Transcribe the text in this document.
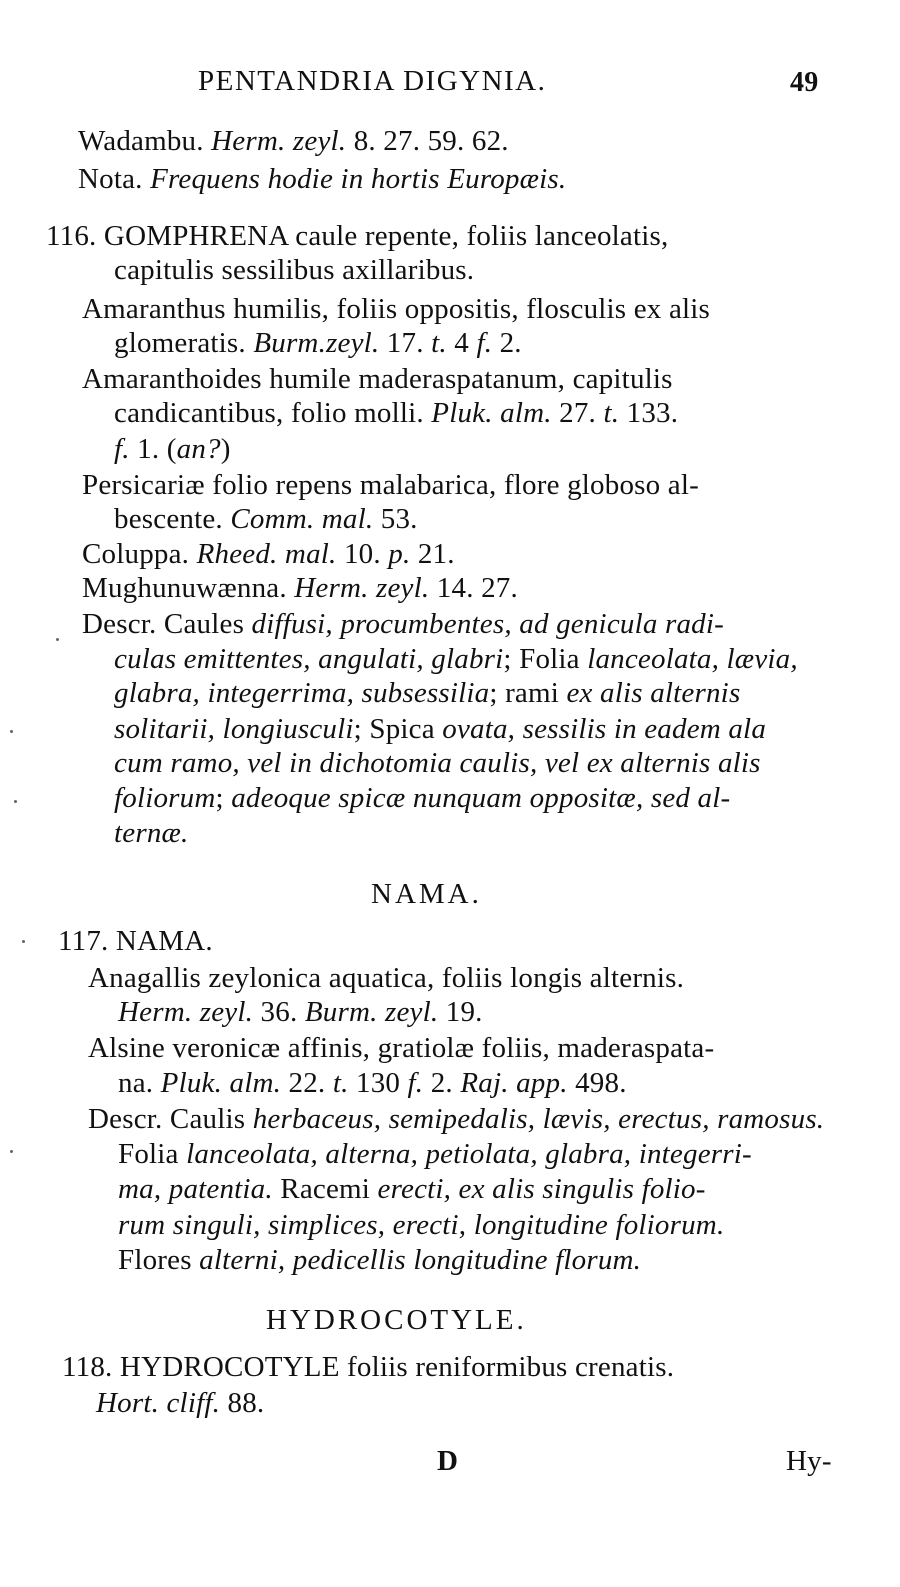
PENTANDRIA DIGYNIA.	49
Wadambu. Herm. zeyl. 8. 27. 59. 62.
Nota. Frequens hodie in hortis Europæis.
116. GOMPHRENA caule repente, foliis lanceolatis,
capitulis sessilibus axillaribus.
Amaranthus humilis, foliis oppositis, flosculis ex alis
glomeratis. Burm.zeyl. 17. t. 4 f. 2.
Amaranthoides humile maderaspatanum, capitulis
candicantibus, folio molli. Pluk. alm. 27. t. 133.
f. 1. (an?)
Persicariæ folio repens malabarica, flore globoso al-
bescente. Comm. mal. 53.
Coluppa. Rheed. mal. 10. p. 21.
Mughunuwænna. Herm. zeyl. 14. 27.
Descr. Caules diffusi, procumbentes, ad genicula radi-
culas emittentes, angulati, glabri; Folia lanceolata, lævia,
glabra, integerrima, subsessilia; rami ex alis alternis
solitarii, longiusculi; Spica ovata, sessilis in eadem ala
cum ramo, vel in dichotomia caulis, vel ex alternis alis
foliorum; adeoque spicæ nunquam oppositæ, sed al-
ternæ.
NAMA.
117. NAMA.
Anagallis zeylonica aquatica, foliis longis alternis.
Herm. zeyl. 36. Burm. zeyl. 19.
Alsine veronicæ affinis, gratiolæ foliis, maderaspata-
na. Pluk. alm. 22. t. 130 f. 2. Raj. app. 498.
Descr. Caulis herbaceus, semipedalis, lævis, erectus, ramosus.
Folia lanceolata, alterna, petiolata, glabra, integerri-
ma, patentia. Racemi erecti, ex alis singulis folio-
rum singuli, simplices, erecti, longitudine foliorum.
Flores alterni, pedicellis longitudine florum.
HYDROCOTYLE.
118. HYDROCOTYLE foliis reniformibus crenatis.
Hort. cliff. 88.
D	Hy-
